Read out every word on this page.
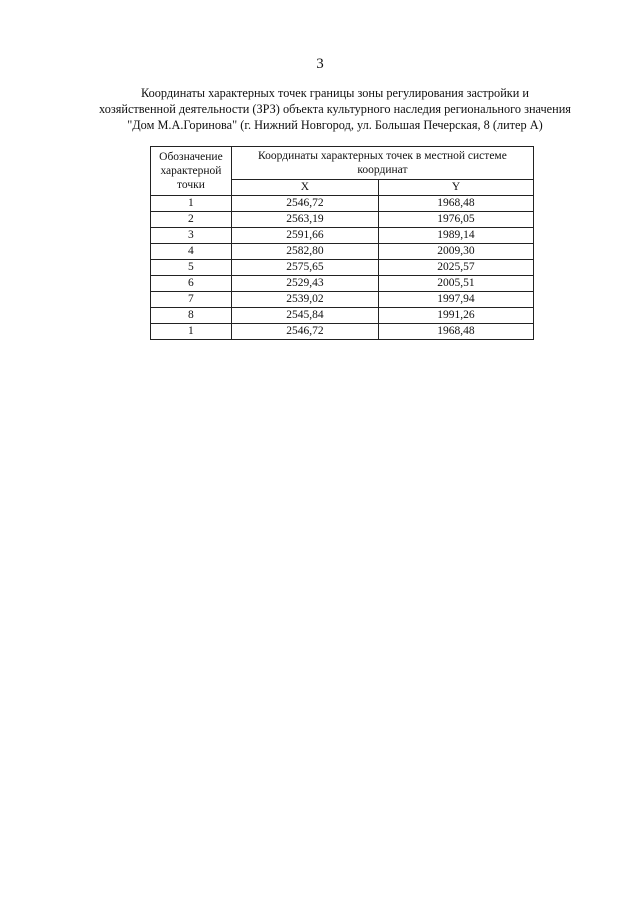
3
Координаты характерных точек границы зоны регулирования застройки и
хозяйственной деятельности (ЗРЗ) объекта культурного наследия регионального значения
"Дом М.А.Горинова" (г. Нижний Новгород, ул. Большая Печерская, 8 (литер А)
Обозначение характерной точки	Координаты характерных точек в местной системе координат	
	X	Y
1	2546,72	1968,48
2	2563,19	1976,05
3	2591,66	1989,14
4	2582,80	2009,30
5	2575,65	2025,57
6	2529,43	2005,51
7	2539,02	1997,94
8	2545,84	1991,26
1	2546,72	1968,48
